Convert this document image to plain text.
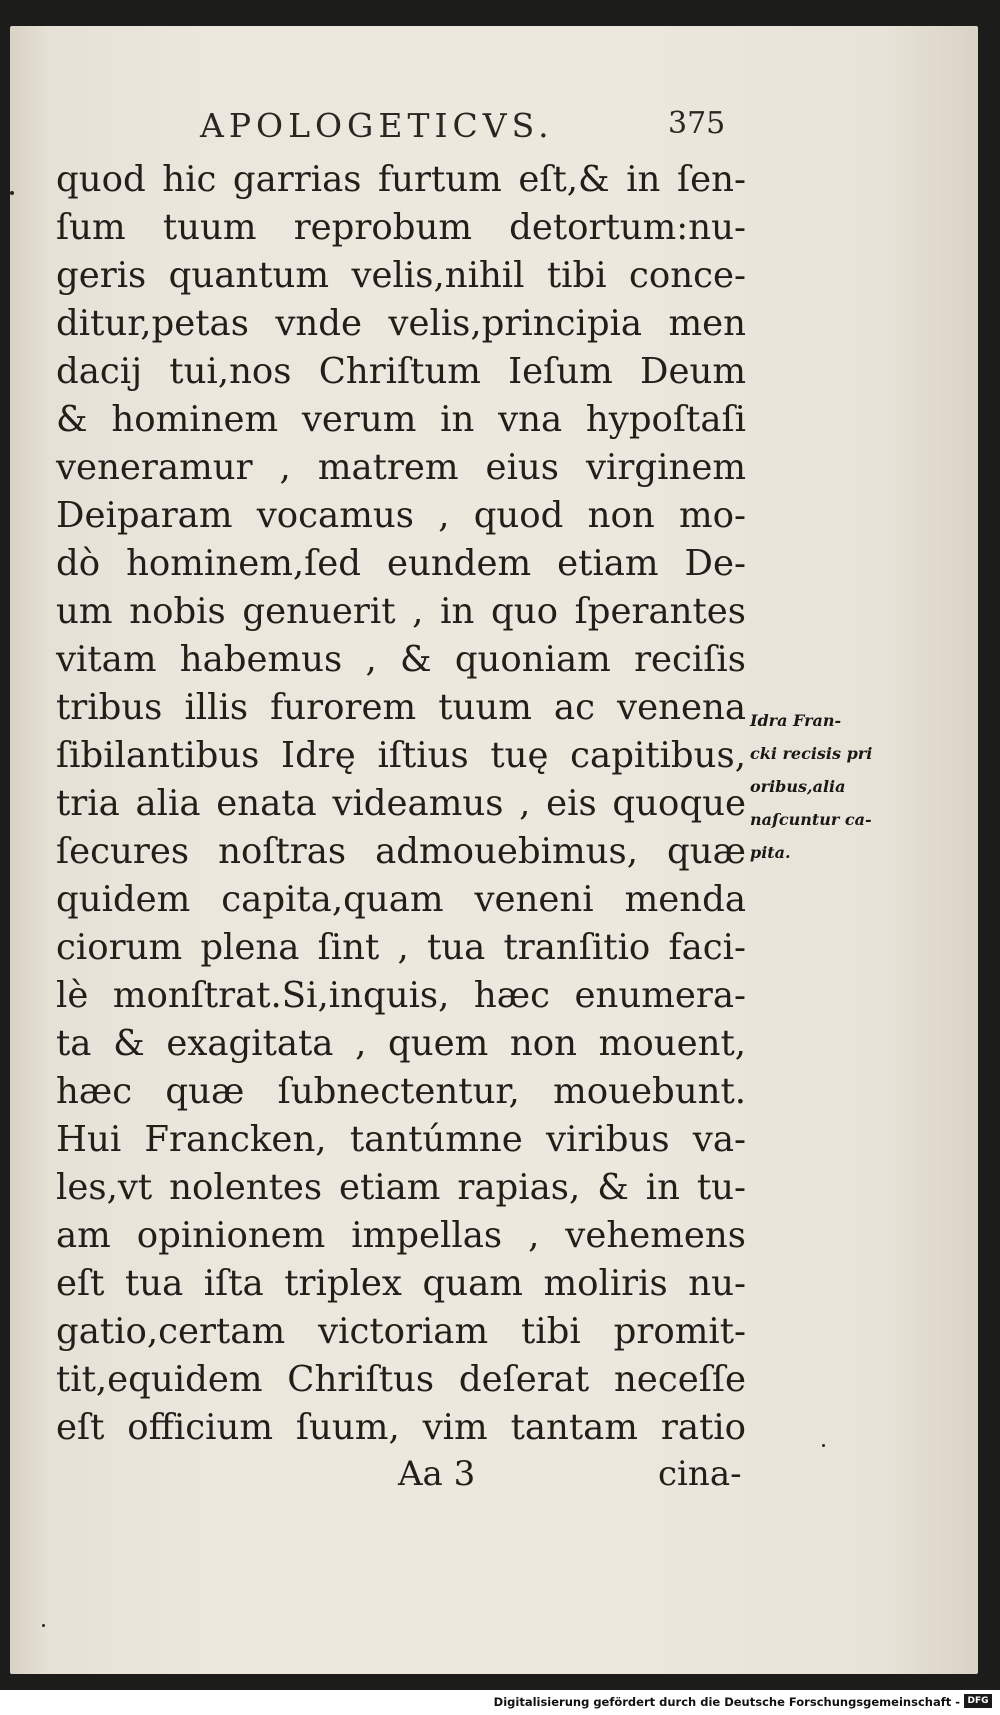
APOLOGETICVS.	375
quod hic garrias furtum eſt,& in ſen-
ſum tuum reprobum detortum:nu-
geris quantum velis,nihil tibi conce-
ditur,petas vnde velis,principia men
dacij tui,nos Chriſtum Ieſum Deum
& hominem verum in vna hypoſtaſi
veneramur , matrem eius virginem
Deiparam vocamus , quod non mo-
dò hominem,ſed eundem etiam De-
um nobis genuerit , in quo ſperantes
vitam habemus , & quoniam reciſis
tribus illis furorem tuum ac venena
ſibilantibus Idrę iſtius tuę capitibus,
tria alia enata videamus , eis quoque
ſecures noſtras admouebimus, quæ
quidem capita,quam veneni menda
ciorum plena ſint , tua tranſitio faci-
lè monſtrat.Si,inquis, hæc enumera-
ta & exagitata , quem non mouent,
hæc quæ ſubnectentur, mouebunt.
Hui Francken, tantúmne viribus va-
les,vt nolentes etiam rapias, & in tu-
am opinionem impellas , vehemens
eſt tua iſta triplex quam moliris nu-
gatio,certam victoriam tibi promit-
tit,equidem Chriſtus deſerat neceſſe
eſt officium ſuum, vim tantam ratio
Idra Fran-
cki recisis pri
oribus,alia
naſcuntur ca-
pita.
Aa 3	cina-
Digitalisierung gefördert durch die Deutsche Forschungsgemeinschaft - DFG
